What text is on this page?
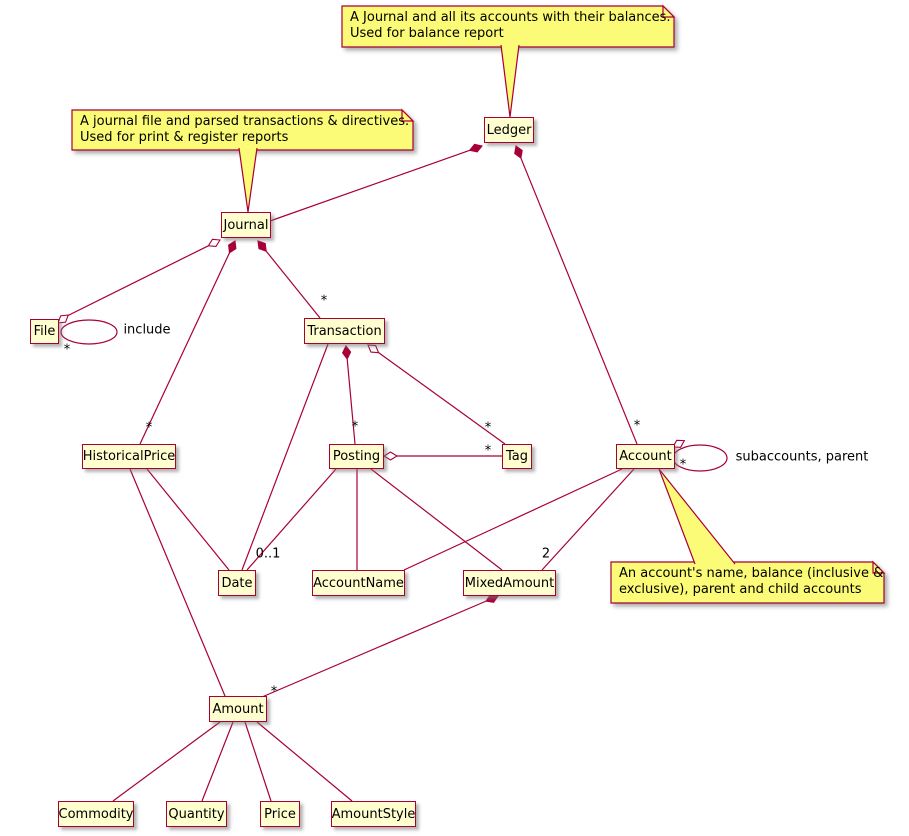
Ledger
Journal
File	Transaction
HistoricalPrice	Posting	Tag	Account
Date	AccountName	MixedAmount
Amount
Commodity	Quantity	Price	AmountStyle
A Journal and all its accounts with their balances.
Used for balance report
A journal file and parsed transactions & directives.
Used for print & register reports
An account's name, balance (inclusive &
exclusive), parent and child accounts
*
*	*
*
*	*
*
*
0..1	2
*
include
subaccounts, parent
